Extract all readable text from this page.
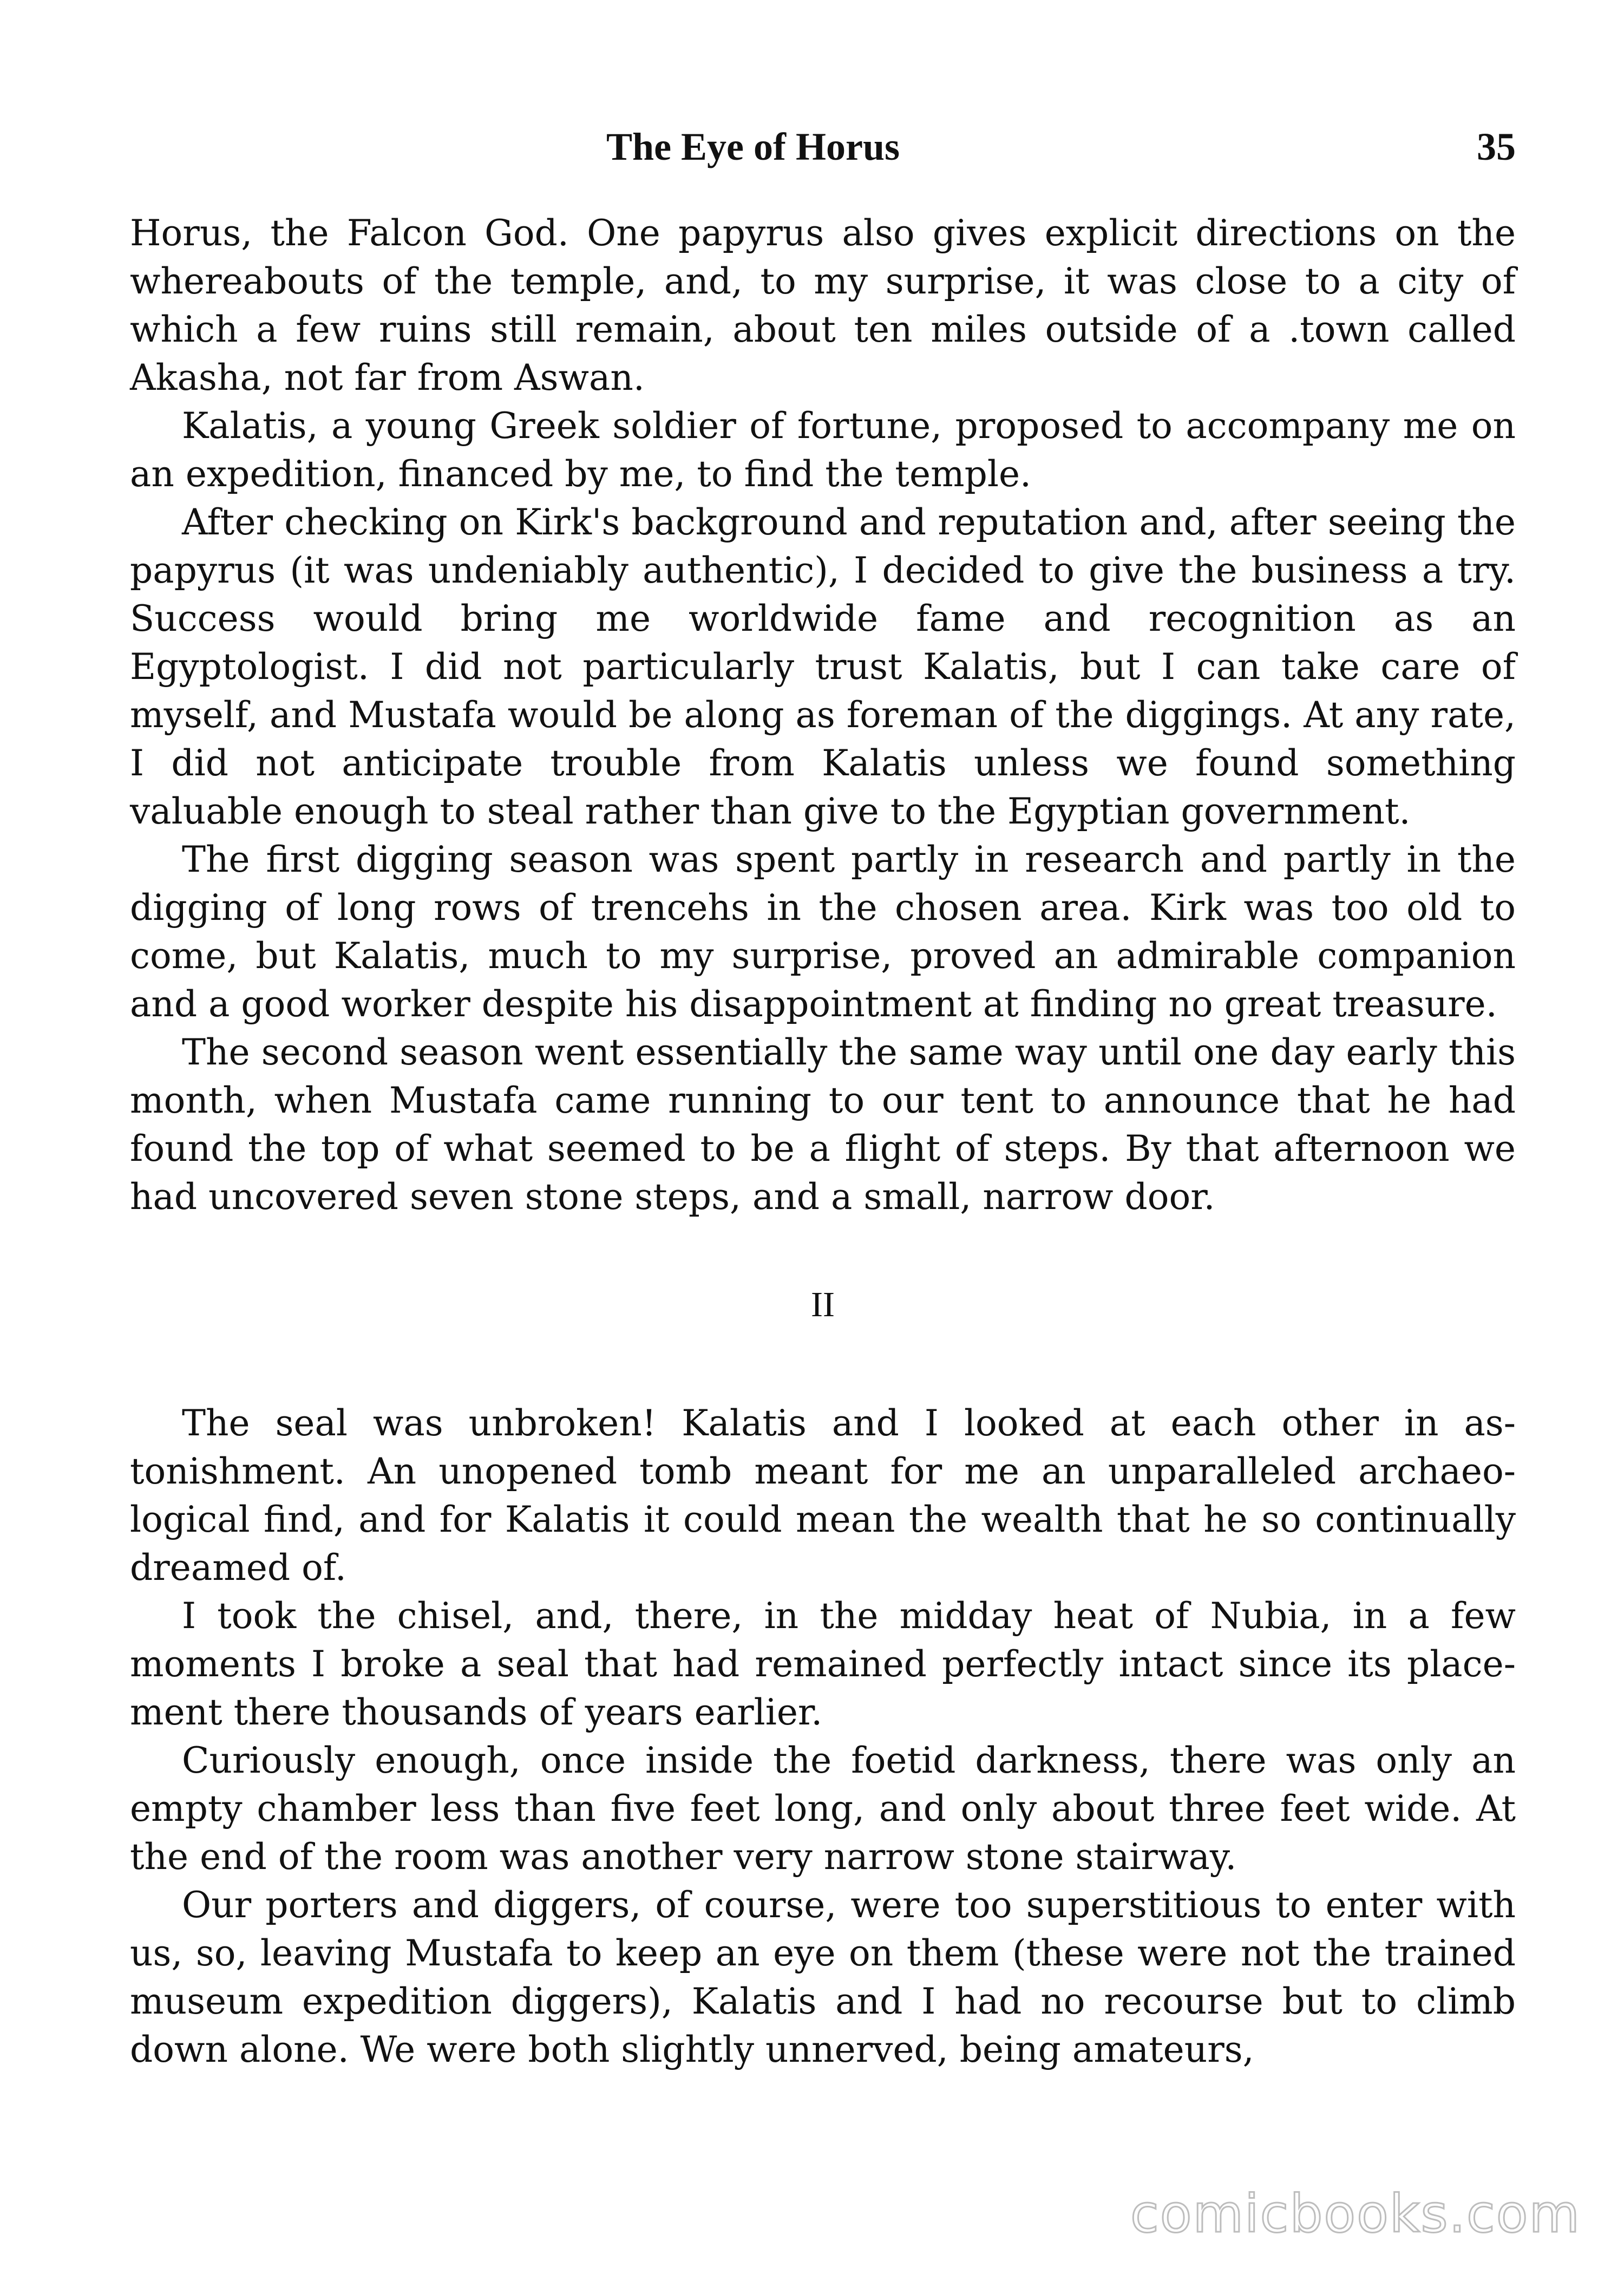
The Eye of Horus	35

Horus, the Falcon God. One papyrus also gives explicit directions on the whereabouts of the temple, and, to my surprise, it was close to a city of which a few ruins still remain, about ten miles outside of a .town called Akasha, not far from Aswan.

Kalatis, a young Greek soldier of fortune, proposed to accompany me on an expedition, financed by me, to find the temple.

After checking on Kirk's background and reputation and, after seeing the papyrus (it was undeniably authentic), I decided to give the business a try. Success would bring me worldwide fame and recognition as an Egyptologist. I did not particularly trust Kalatis, but I can take care of myself, and Mustafa would be along as foreman of the diggings. At any rate, I did not anticipate trouble from Kalatis unless we found something valuable enough to steal rather than give to the Egyptian government.

The first digging season was spent partly in research and partly in the digging of long rows of trencehs in the chosen area. Kirk was too old to come, but Kalatis, much to my surprise, proved an admirable companion and a good worker despite his disappointment at finding no great treasure.

The second season went essentially the same way until one day early this month, when Mustafa came running to our tent to announce that he had found the top of what seemed to be a flight of steps. By that afternoon we had uncovered seven stone steps, and a small, narrow door.

II

The seal was unbroken! Kalatis and I looked at each other in astonishment. An unopened tomb meant for me an unparalleled archaeological find, and for Kalatis it could mean the wealth that he so continually dreamed of.

I took the chisel, and, there, in the midday heat of Nubia, in a few moments I broke a seal that had remained perfectly intact since its placement there thousands of years earlier.

Curiously enough, once inside the foetid darkness, there was only an empty chamber less than five feet long, and only about three feet wide. At the end of the room was another very narrow stone stairway.

Our porters and diggers, of course, were too superstitious to enter with us, so, leaving Mustafa to keep an eye on them (these were not the trained museum expedition diggers), Kalatis and I had no recourse but to climb down alone. We were both slightly unnerved, being amateurs,

comicbooks.com
